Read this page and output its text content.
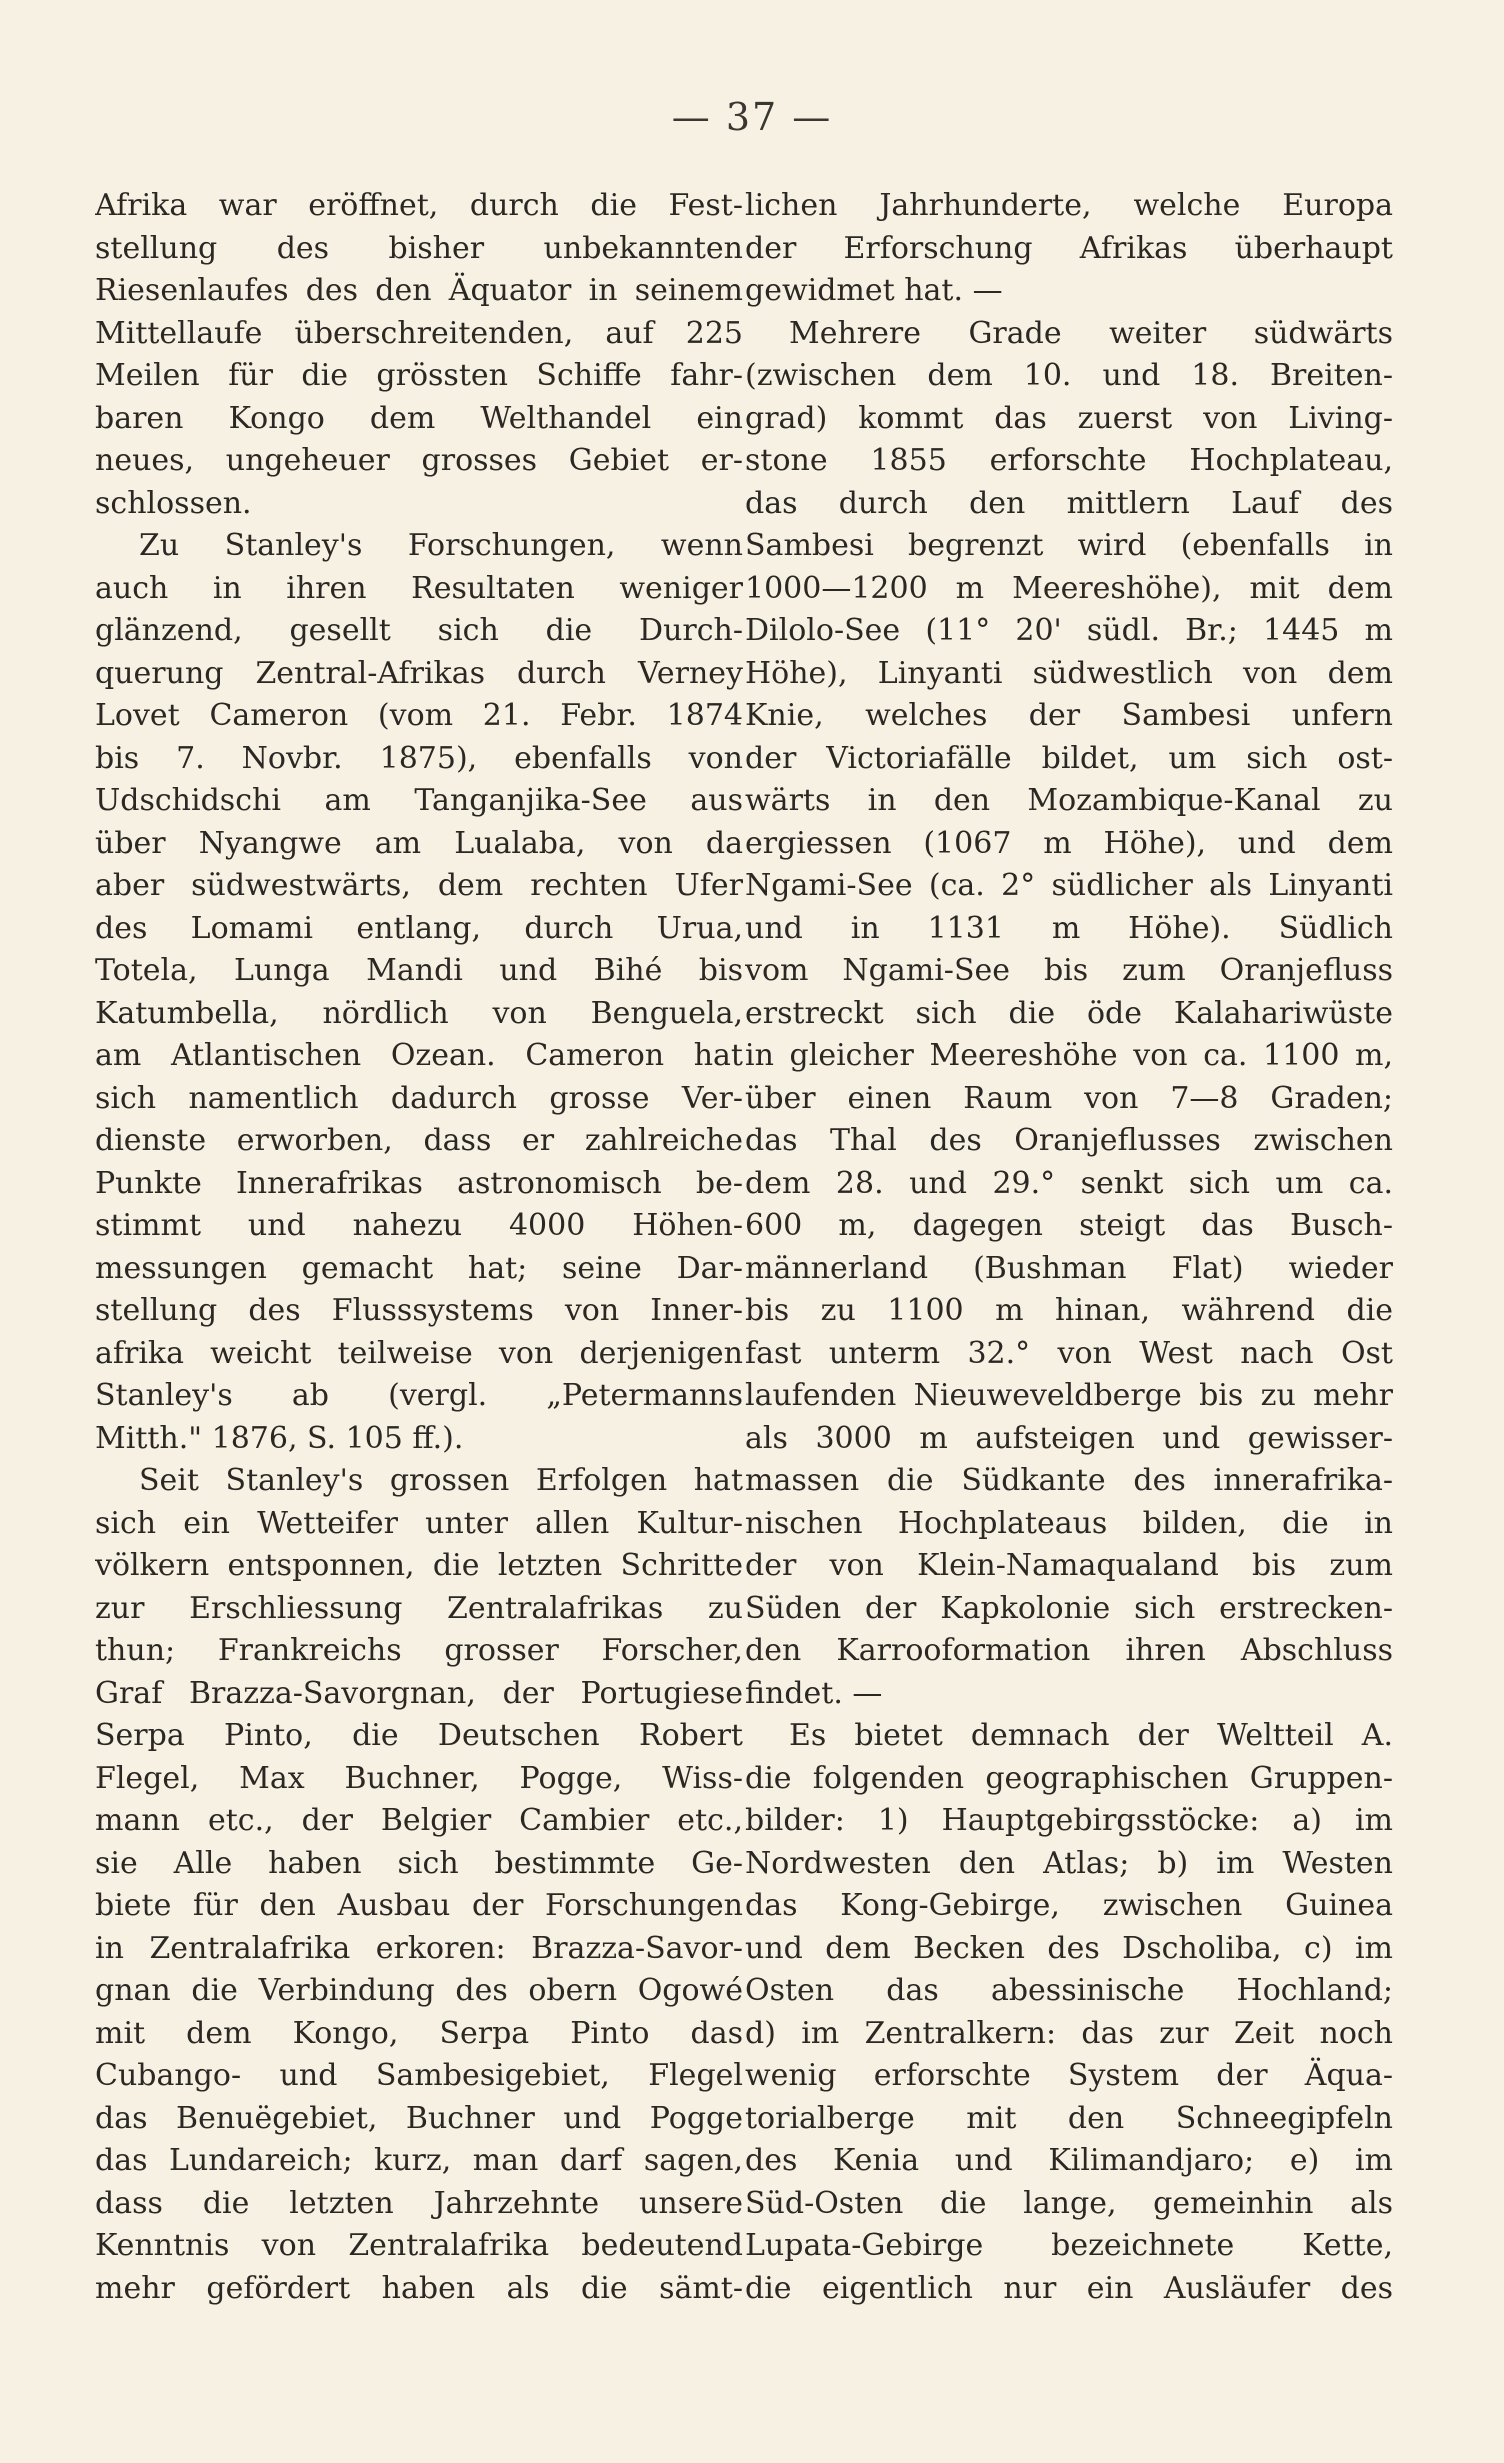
— 37 —
Afrika war eröffnet, durch die Fest-
stellung des bisher unbekannten
Riesenlaufes des den Äquator in seinem
Mittellaufe überschreitenden, auf 225
Meilen für die grössten Schiffe fahr-
baren Kongo dem Welthandel ein
neues, ungeheuer grosses Gebiet er-
schlossen.
Zu Stanley's Forschungen, wenn
auch in ihren Resultaten weniger
glänzend, gesellt sich die Durch-
querung Zentral-Afrikas durch Verney
Lovet Cameron (vom 21. Febr. 1874
bis 7. Novbr. 1875), ebenfalls von
Udschidschi am Tanganjika-See aus
über Nyangwe am Lualaba, von da
aber südwestwärts, dem rechten Ufer
des Lomami entlang, durch Urua,
Totela, Lunga Mandi und Bihé bis
Katumbella, nördlich von Benguela,
am Atlantischen Ozean. Cameron hat
sich namentlich dadurch grosse Ver-
dienste erworben, dass er zahlreiche
Punkte Innerafrikas astronomisch be-
stimmt und nahezu 4000 Höhen-
messungen gemacht hat; seine Dar-
stellung des Flusssystems von Inner-
afrika weicht teilweise von derjenigen
Stanley's ab (vergl. „Petermanns
Mitth." 1876, S. 105 ff.).
Seit Stanley's grossen Erfolgen hat
sich ein Wetteifer unter allen Kultur-
völkern entsponnen, die letzten Schritte
zur Erschliessung Zentralafrikas zu
thun; Frankreichs grosser Forscher,
Graf Brazza-Savorgnan, der Portugiese
Serpa Pinto, die Deutschen Robert
Flegel, Max Buchner, Pogge, Wiss-
mann etc., der Belgier Cambier etc.,
sie Alle haben sich bestimmte Ge-
biete für den Ausbau der Forschungen
in Zentralafrika erkoren: Brazza-Savor-
gnan die Verbindung des obern Ogowé
mit dem Kongo, Serpa Pinto das
Cubango- und Sambesigebiet, Flegel
das Benuëgebiet, Buchner und Pogge
das Lundareich; kurz, man darf sagen,
dass die letzten Jahrzehnte unsere
Kenntnis von Zentralafrika bedeutend
mehr gefördert haben als die sämt-
lichen Jahrhunderte, welche Europa
der Erforschung Afrikas überhaupt
gewidmet hat. —
Mehrere Grade weiter südwärts
(zwischen dem 10. und 18. Breiten-
grad) kommt das zuerst von Living-
stone 1855 erforschte Hochplateau,
das durch den mittlern Lauf des
Sambesi begrenzt wird (ebenfalls in
1000—1200 m Meereshöhe), mit dem
Dilolo-See (11° 20' südl. Br.; 1445 m
Höhe), Linyanti südwestlich von dem
Knie, welches der Sambesi unfern
der Victoriafälle bildet, um sich ost-
wärts in den Mozambique-Kanal zu
ergiessen (1067 m Höhe), und dem
Ngami-See (ca. 2° südlicher als Linyanti
und in 1131 m Höhe). Südlich
vom Ngami-See bis zum Oranjefluss
erstreckt sich die öde Kalahariwüste
in gleicher Meereshöhe von ca. 1100 m,
über einen Raum von 7—8 Graden;
das Thal des Oranjeflusses zwischen
dem 28. und 29.° senkt sich um ca.
600 m, dagegen steigt das Busch-
männerland (Bushman Flat) wieder
bis zu 1100 m hinan, während die
fast unterm 32.° von West nach Ost
laufenden Nieuweveldberge bis zu mehr
als 3000 m aufsteigen und gewisser-
massen die Südkante des innerafrika-
nischen Hochplateaus bilden, die in
der von Klein-Namaqualand bis zum
Süden der Kapkolonie sich erstrecken-
den Karrooformation ihren Abschluss
findet. —
Es bietet demnach der Weltteil A.
die folgenden geographischen Gruppen-
bilder: 1) Hauptgebirgsstöcke: a) im
Nordwesten den Atlas; b) im Westen
das Kong-Gebirge, zwischen Guinea
und dem Becken des Dscholiba, c) im
Osten das abessinische Hochland;
d) im Zentralkern: das zur Zeit noch
wenig erforschte System der Äqua-
torialberge mit den Schneegipfeln
des Kenia und Kilimandjaro; e) im
Süd-Osten die lange, gemeinhin als
Lupata-Gebirge bezeichnete Kette,
die eigentlich nur ein Ausläufer des
